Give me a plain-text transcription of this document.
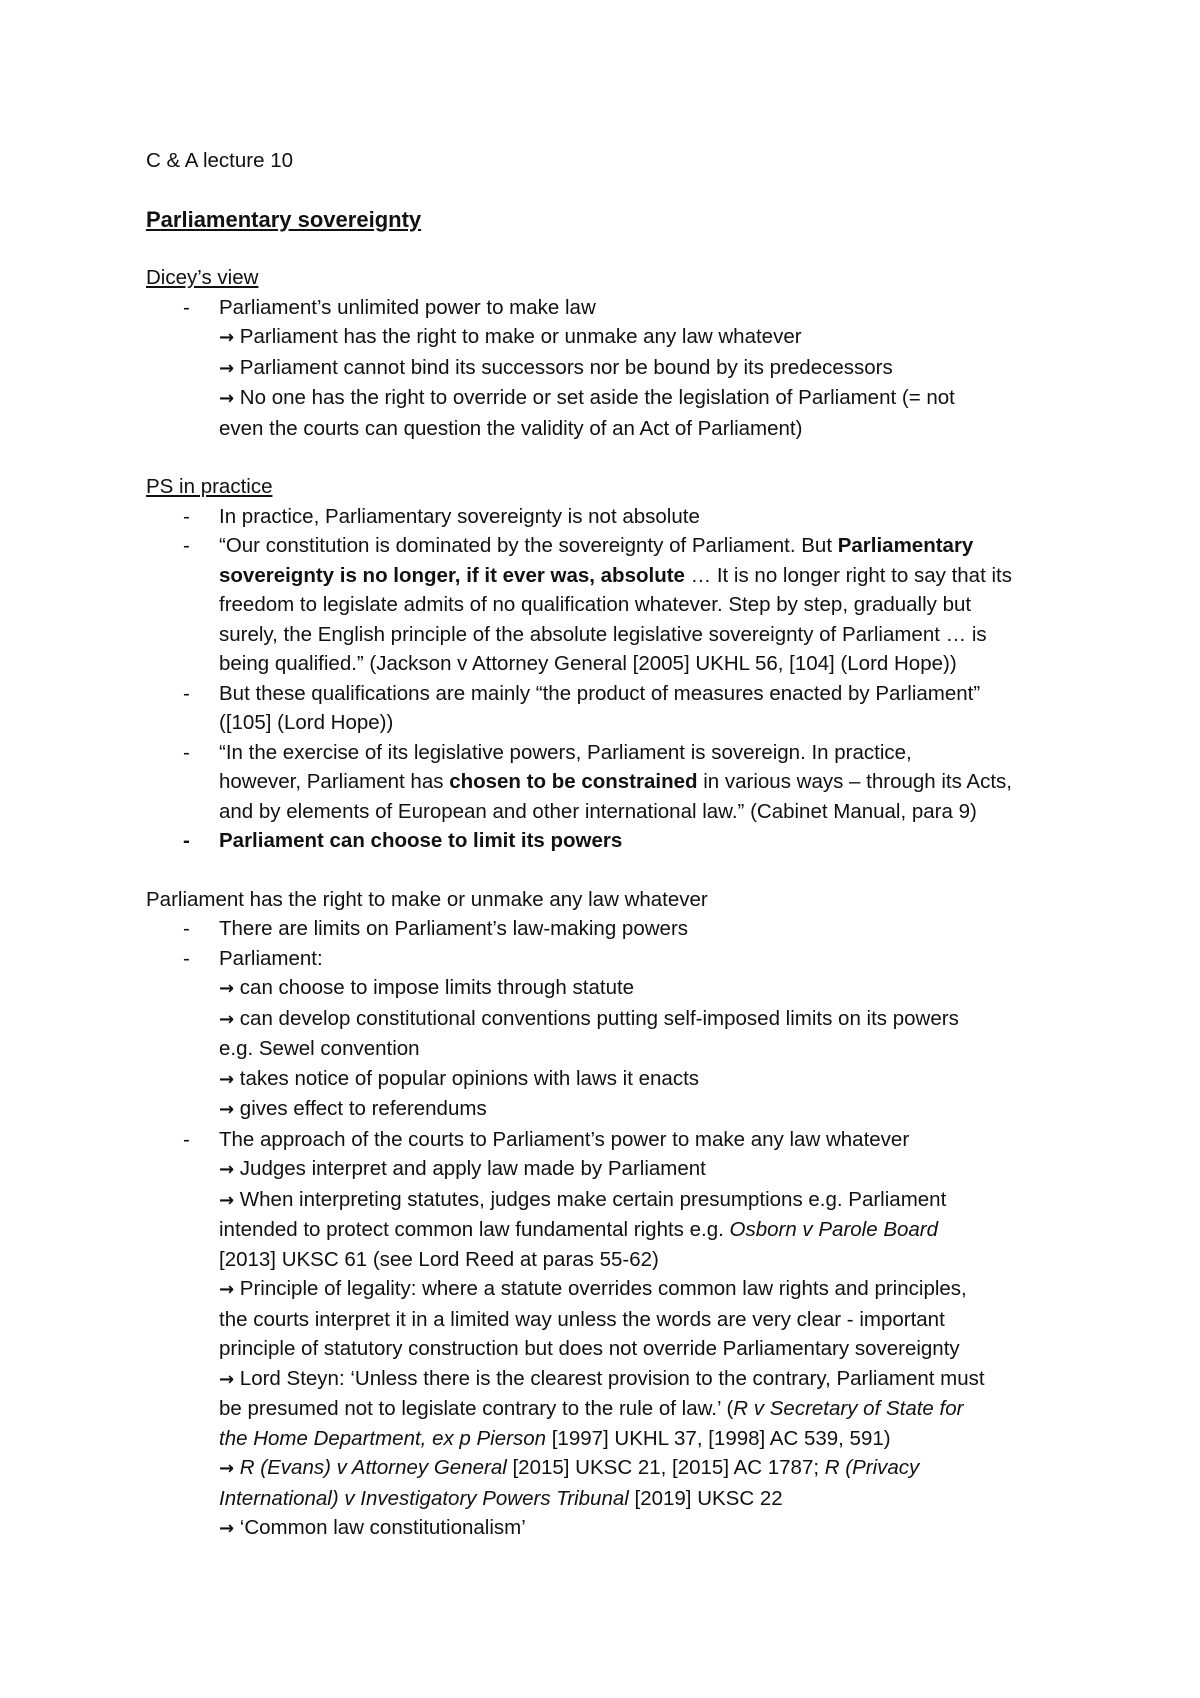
C & A lecture 10
Parliamentary sovereignty
Dicey’s view
- Parliament’s unlimited power to make law
→ Parliament has the right to make or unmake any law whatever
→ Parliament cannot bind its successors nor be bound by its predecessors
→ No one has the right to override or set aside the legislation of Parliament (= not
even the courts can question the validity of an Act of Parliament)
PS in practice
- In practice, Parliamentary sovereignty is not absolute
- “Our constitution is dominated by the sovereignty of Parliament. But Parliamentary
sovereignty is no longer, if it ever was, absolute … It is no longer right to say that its
freedom to legislate admits of no qualification whatever. Step by step, gradually but
surely, the English principle of the absolute legislative sovereignty of Parliament … is
being qualified.” (Jackson v Attorney General [2005] UKHL 56, [104] (Lord Hope))
- But these qualifications are mainly “the product of measures enacted by Parliament”
([105] (Lord Hope))
- “In the exercise of its legislative powers, Parliament is sovereign. In practice,
however, Parliament has chosen to be constrained in various ways – through its Acts,
and by elements of European and other international law.” (Cabinet Manual, para 9)
- Parliament can choose to limit its powers
Parliament has the right to make or unmake any law whatever
- There are limits on Parliament’s law-making powers
- Parliament:
→ can choose to impose limits through statute
→ can develop constitutional conventions putting self-imposed limits on its powers
e.g. Sewel convention
→ takes notice of popular opinions with laws it enacts
→ gives effect to referendums
- The approach of the courts to Parliament’s power to make any law whatever
→ Judges interpret and apply law made by Parliament
→ When interpreting statutes, judges make certain presumptions e.g. Parliament
intended to protect common law fundamental rights e.g. Osborn v Parole Board
[2013] UKSC 61 (see Lord Reed at paras 55-62)
→ Principle of legality: where a statute overrides common law rights and principles,
the courts interpret it in a limited way unless the words are very clear - important
principle of statutory construction but does not override Parliamentary sovereignty
→ Lord Steyn: ‘Unless there is the clearest provision to the contrary, Parliament must
be presumed not to legislate contrary to the rule of law.’ (R v Secretary of State for
the Home Department, ex p Pierson [1997] UKHL 37, [1998] AC 539, 591)
→ R (Evans) v Attorney General [2015] UKSC 21, [2015] AC 1787; R (Privacy
International) v Investigatory Powers Tribunal [2019] UKSC 22
→ ‘Common law constitutionalism’
